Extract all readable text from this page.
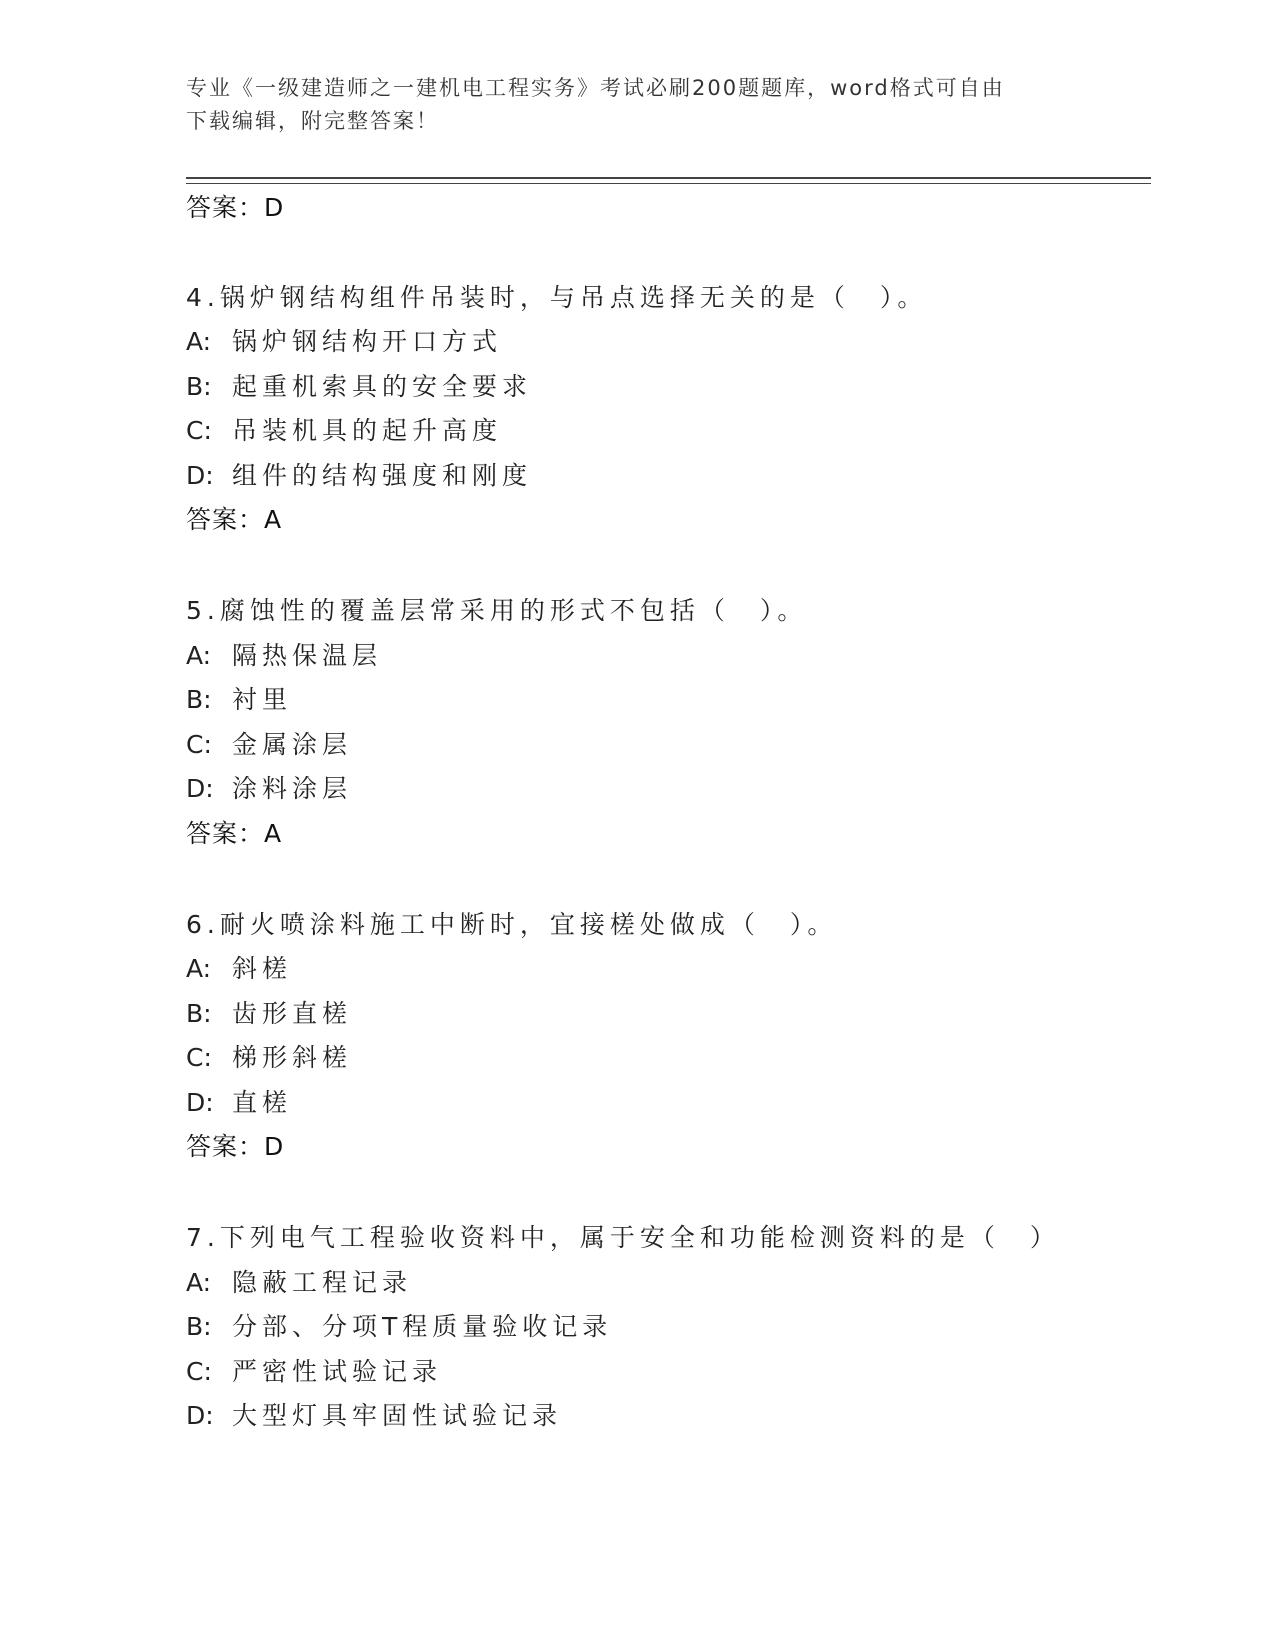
专业《一级建造师之一建机电工程实务》考试必刷200题题库，word格式可自由
下载编辑，附完整答案！
答案：D
4.锅炉钢结构组件吊装时，与吊点选择无关的是（　）。
A: 锅炉钢结构开口方式
B: 起重机索具的安全要求
C: 吊装机具的起升高度
D: 组件的结构强度和刚度
答案：A
5.腐蚀性的覆盖层常采用的形式不包括（　）。
A: 隔热保温层
B: 衬里
C: 金属涂层
D: 涂料涂层
答案：A
6.耐火喷涂料施工中断时，宜接槎处做成（　）。
A: 斜槎
B: 齿形直槎
C: 梯形斜槎
D: 直槎
答案：D
7.下列电气工程验收资料中，属于安全和功能检测资料的是（　）
A: 隐蔽工程记录
B: 分部、分项T程质量验收记录
C: 严密性试验记录
D: 大型灯具牢固性试验记录
